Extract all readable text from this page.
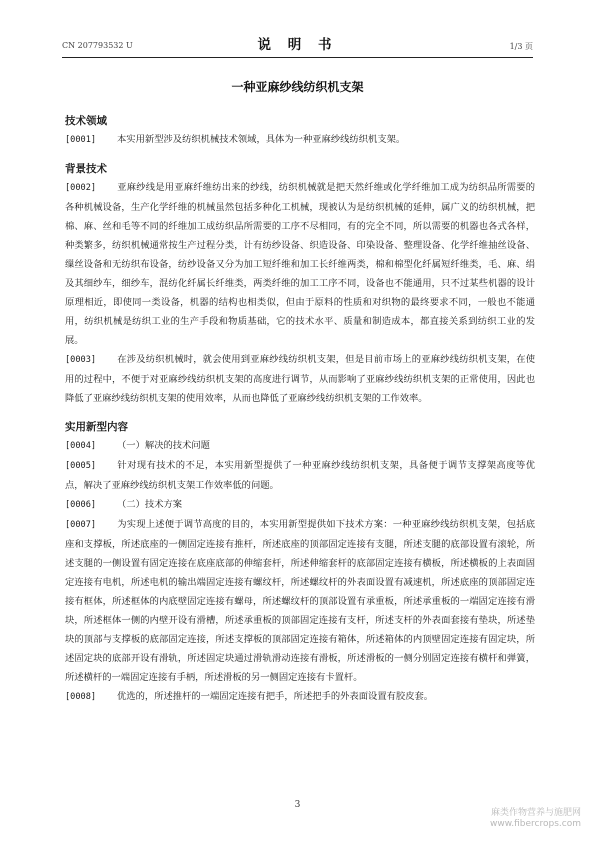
CN 207793532 U	说 明 书	1/3 页
一种亚麻纱线纺织机支架
技术领域

[0001] 本实用新型涉及纺织机械技术领域，具体为一种亚麻纱线纺织机支架。

背景技术

[0002] 亚麻纱线是用亚麻纤维纺出来的纱线，纺织机械就是把天然纤维或化学纤维加工成为纺织品所需要的各种机械设备，生产化学纤维的机械虽然包括多种化工机械，现被认为是纺织机械的延伸，属广义的纺织机械，把棉、麻、丝和毛等不同的纤维加工成纺织品所需要的工序不尽相同，有的完全不同，所以需要的机器也各式各样，种类繁多，纺织机械通常按生产过程分类，计有纺纱设备、织造设备、印染设备、整理设备、化学纤维抽丝设备、缫丝设备和无纺织布设备，纺纱设备又分为加工短纤维和加工长纤维两类，棉和棉型化纤属短纤维类，毛、麻、绢及其细纱车，细纱车，混纺化纤属长纤维类，两类纤维的加工工序不同，设备也不能通用，只不过某些机器的设计原理相近，即使同一类设备，机器的结构也相类似，但由于原料的性质和对织物的最终要求不同，一般也不能通用，纺织机械是纺织工业的生产手段和物质基础，它的技术水平、质量和制造成本，都直接关系到纺织工业的发展。

[0003] 在涉及纺织机械时，就会使用到亚麻纱线纺织机支架，但是目前市场上的亚麻纱线纺织机支架，在使用的过程中，不便于对亚麻纱线纺织机支架的高度进行调节，从而影响了亚麻纱线纺织机支架的正常使用，因此也降低了亚麻纱线纺织机支架的使用效率，从而也降低了亚麻纱线纺织机支架的工作效率。

实用新型内容

[0004] （一）解决的技术问题

[0005] 针对现有技术的不足，本实用新型提供了一种亚麻纱线纺织机支架，具备便于调节支撑架高度等优点，解决了亚麻纱线纺织机支架工作效率低的问题。

[0006] （二）技术方案

[0007] 为实现上述便于调节高度的目的，本实用新型提供如下技术方案：一种亚麻纱线纺织机支架，包括底座和支撑板，所述底座的一侧固定连接有推杆，所述底座的顶部固定连接有支腿，所述支腿的底部设置有滚轮，所述支腿的一侧设置有固定连接在底座底部的伸缩套杆，所述伸缩套杆的底部固定连接有横板，所述横板的上表面固定连接有电机，所述电机的输出端固定连接有螺纹杆，所述螺纹杆的外表面设置有减速机，所述底座的顶部固定连接有框体，所述框体的内底壁固定连接有螺母，所述螺纹杆的顶部设置有承重板，所述承重板的一端固定连接有滑块，所述框体一侧的内壁开设有滑槽，所述承重板的顶部固定连接有支杆，所述支杆的外表面套接有垫块，所述垫块的顶部与支撑板的底部固定连接，所述支撑板的顶部固定连接有箱体，所述箱体的内顶壁固定连接有固定块，所述固定块的底部开设有滑轨，所述固定块通过滑轨滑动连接有滑板，所述滑板的一侧分别固定连接有横杆和弹簧，所述横杆的一端固定连接有手柄，所述滑板的另一侧固定连接有卡置杆。

[0008] 优选的，所述推杆的一端固定连接有把手，所述把手的外表面设置有胶皮套。

3
麻类作物营养与施肥网
www.fibercrops.com
